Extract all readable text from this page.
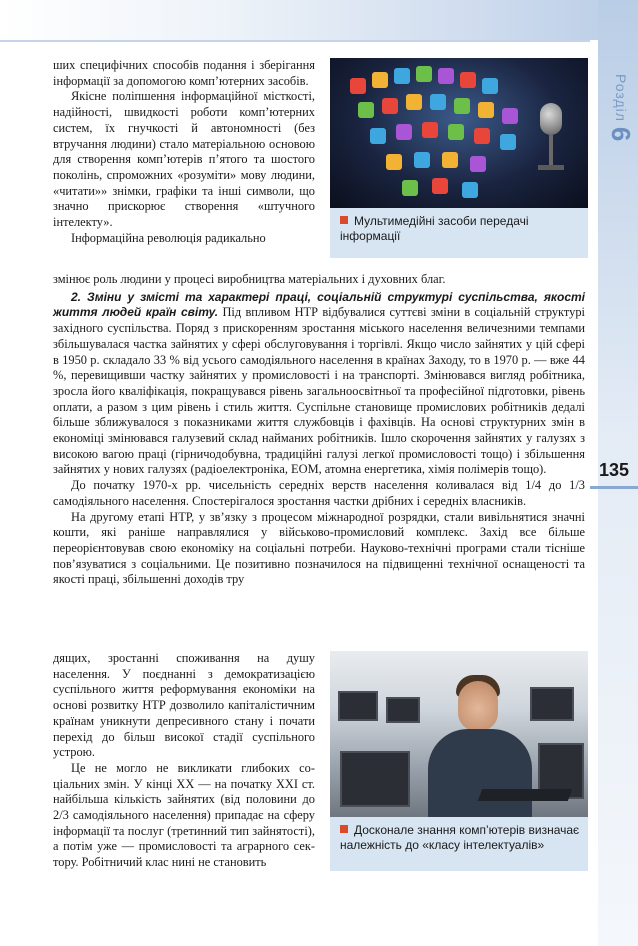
Розділ 6
135
Мультимедійні засоби передачі інформації

ших специфічних способів подання і зберігання інформації за допомогою комп’ютерних засобів.

Якісне поліпшення інформаційної місткості, надійності, швидкості роботи комп’ютерних систем, їх гнучкості й автономності (без втручання людини) стало матеріальною основою для створення комп’ютерів п’ятого та шостого поколінь, спроможних «розуміти» мову людини, «читати»» знімки, графіки та інші символи, що значно прискорює створення «штучного інтелекту».

Інформаційна революція радикально

змінює роль людини у процесі виробництва матеріальних і духовних благ.

2. Зміни у змісті та характері праці, соціальній структурі суспільства, якості життя людей країн світу. Під впливом НТР відбувалися суттєві зміни в соціальній структурі західного суспільства. Поряд з прискоренням зростання міського населення величезними темпами збільшувалася частка зайнятих у сфері обслуговування і торгівлі. Якщо число зайнятих у цій сфері в 1950 р. складало 33 % від усього самодіяльного населення в країнах Заходу, то в 1970 р. — вже 44 %, перевищивши частку зайнятих у промисловості і на транспорті. Змінювався вигляд робітника, зросла його кваліфікація, покращувався рівень загальноосвітньої та професійної підготовки, рівень оплати, а разом з цим рівень і стиль життя. Суспільне становище промислових робітників дедалі більше зближувалося з показниками життя службовців і фахівців. На основі структурних змін в економіці змінювався галузевий склад найманих робітників. Ішло скорочення зайнятих у галузях з високою вагою праці (гірничодобувна, традиційні галузі легкої промисловості тощо) і збільшення зайнятих у нових галузях (радіоелектроніка, ЕОМ, атомна енергетика, хімія полімерів тощо).

До початку 1970-х рр. чисельність середніх верств населення коливалася від 1/4 до 1/3 самодіяльного населення. Спостерігалося зростання частки дрібних і середніх власників.

На другому етапі НТР, у зв’язку з процесом міжнародної розрядки, стали вивільнятися значні кошти, які раніше направлялися у військово-промисловий комплекс. Захід все більше переорієнтовував свою економіку на соціальні потреби. Науково-технічні програми стали тісніше пов’язуватися з соціальними. Це позитивно позначилося на підвищенні технічної оснащеності та якості праці, збільшенні доходів тру

Досконале знання комп’ютерів визначає належність до «класу інтелектуалів»

дящих, зростанні споживання на душу населення. У поєднанні з демократизацією суспільного життя реформування економіки на основі розвитку НТР дозволило капіталістичним країнам уникнути депресивного стану і почати перехід до більш високої стадії суспільного устрою.

Це не могло не викликати глибоких соціальних змін. У кінці XX — на початку XXI ст. найбільша кількість зайнятих (від половини до 2/3 самодіяльного населення) припадає на сферу інформації та послуг (третинний тип зайнятості), а потім уже — промисловості та аграрного сектору. Робітничий клас нині не становить
